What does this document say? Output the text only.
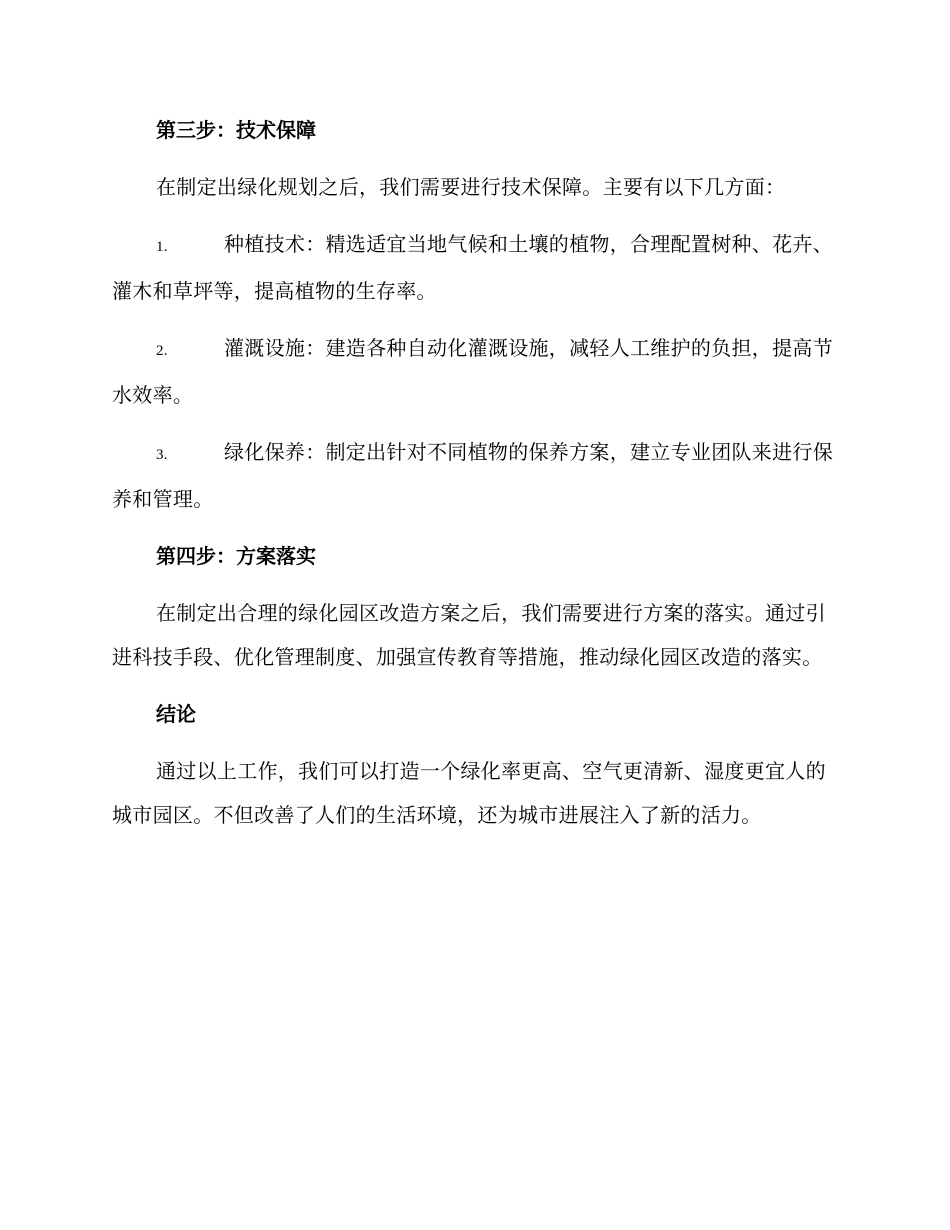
第三步：技术保障
在制定出绿化规划之后，我们需要进行技术保障。主要有以下几方面：
1.	种植技术：精选适宜当地气候和土壤的植物，合理配置树种、花卉、灌木和草坪等，提高植物的生存率。
2.	灌溉设施：建造各种自动化灌溉设施，减轻人工维护的负担，提高节水效率。
3.	绿化保养：制定出针对不同植物的保养方案，建立专业团队来进行保养和管理。
第四步：方案落实
在制定出合理的绿化园区改造方案之后，我们需要进行方案的落实。通过引进科技手段、优化管理制度、加强宣传教育等措施，推动绿化园区改造的落实。
结论
通过以上工作，我们可以打造一个绿化率更高、空气更清新、湿度更宜人的城市园区。不但改善了人们的生活环境，还为城市进展注入了新的活力。
